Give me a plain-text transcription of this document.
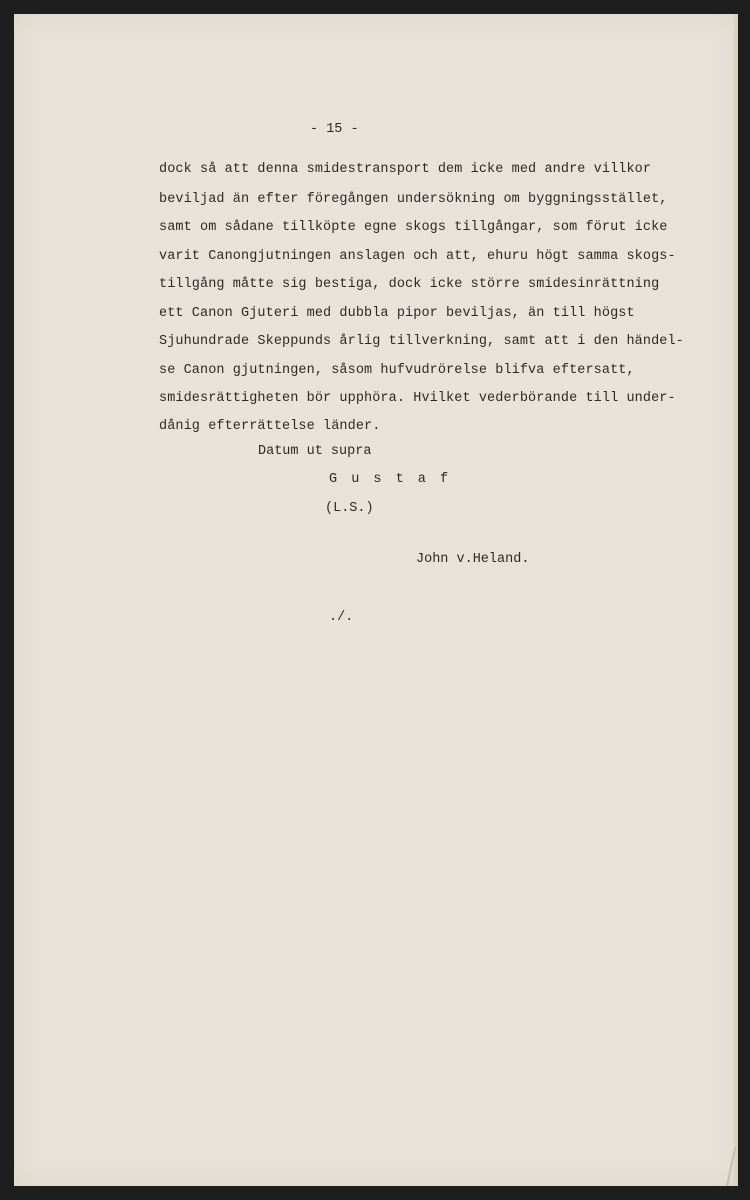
- 15 -
dock så att denna smidestransport dem icke med andre villkor
beviljad än efter föregången undersökning om byggningsstället,
samt om sådane tillköpte egne skogs tillgångar, som förut icke
varit Canongjutningen anslagen och att, ehuru högt samma skogs-
tillgång måtte sig bestiga, dock icke större smidesinrättning
ett Canon Gjuteri med dubbla pipor beviljas, än till högst
Sjuhundrade Skeppunds årlig tillverkning, samt att i den händel-
se Canon gjutningen, såsom hufvudrörelse blifva eftersatt,
smidesrättigheten bör upphöra. Hvilket vederbörande till under-
dånig efterrättelse länder.
Datum ut supra
G u s t a f
(L.S.)
John v.Heland.
./.
